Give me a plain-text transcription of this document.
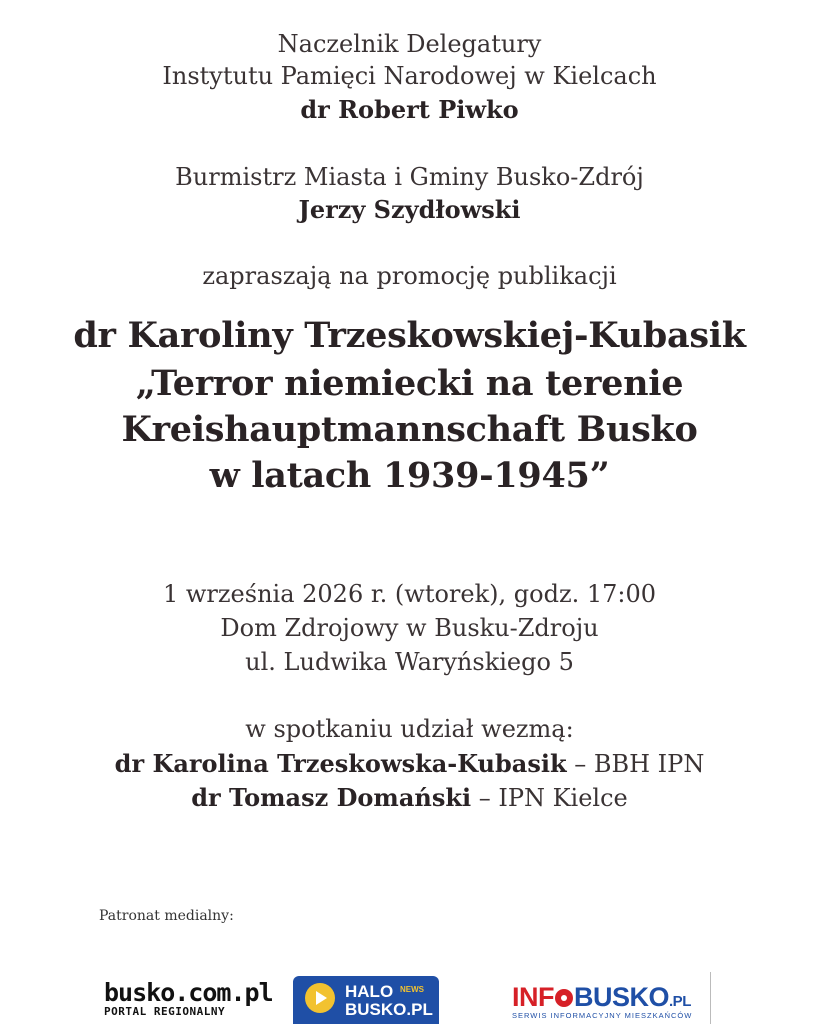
Naczelnik Delegatury
Instytutu Pamięci Narodowej w Kielcach
dr Robert Piwko
Burmistrz Miasta i Gminy Busko-Zdrój
Jerzy Szydłowski
zapraszają na promocję publikacji
dr Karoliny Trzeskowskiej-Kubasik
„Terror niemiecki na terenie
Kreishauptmannschaft Busko
w latach 1939-1945”
1 września 2026 r. (wtorek), godz. 17:00
Dom Zdrojowy w Busku-Zdroju
ul. Ludwika Waryńskiego 5
w spotkaniu udział wezmą:
dr Karolina Trzeskowska-Kubasik – BBH IPN
dr Tomasz Domański – IPN Kielce
Patronat medialny:
busko.com.pl
PORTAL REGIONALNY
HALO NEWS
BUSKO.PL	INF BUSKO.PL
SERWIS INFORMACYJNY MIESZKAŃCÓW
